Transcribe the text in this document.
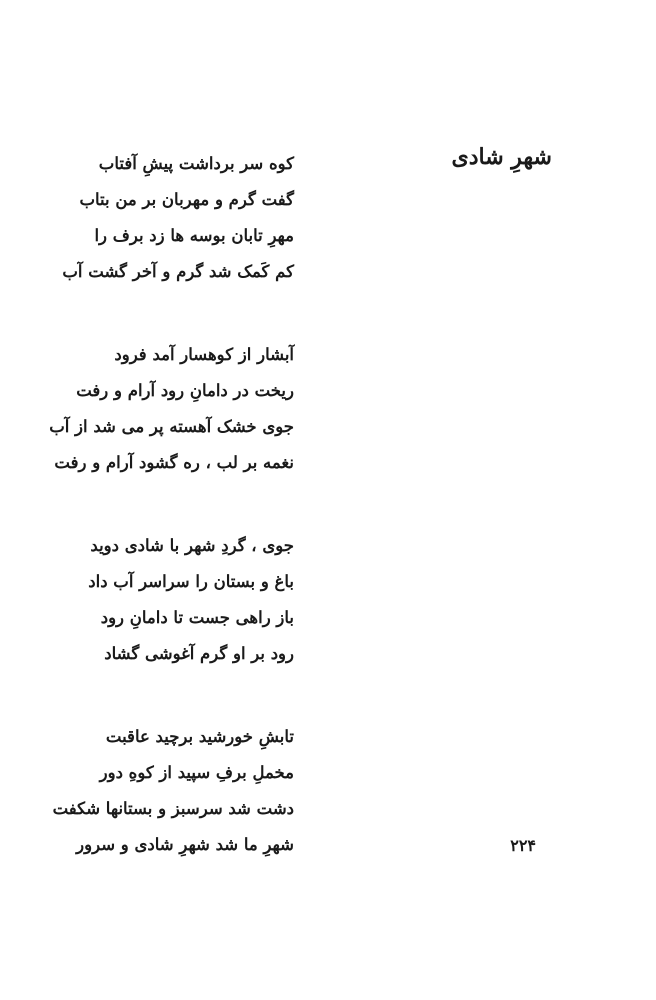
شهرِ شادی
کوه سر برداشت پیشِ آفتاب
گفت گرم و مهربان بر من بتاب
مهرِ تابان بوسه ها زد برف را
کم کَمک شد گرم و آخر گشت آب
آبشار از کوهسار آمد فرود
ریخت در دامانِ رود آرام و رفت
جوی خشک آهسته پر می شد از آب
نغمه بر لب ، ره گشود آرام و رفت
جوی ، گردِ شهر با شادی دوید
باغ و بستان را سراسر آب داد
باز راهی جست تا دامانِ رود
رود بر او گرم آغوشی گشاد
تابشِ خورشید برچید عاقبت
مخملِ برفِ سپید از کوهِ دور
دشت شد سرسبز و بستانها شکفت
شهرِ ما شد شهرِ شادی و سرور	۲۲۴
